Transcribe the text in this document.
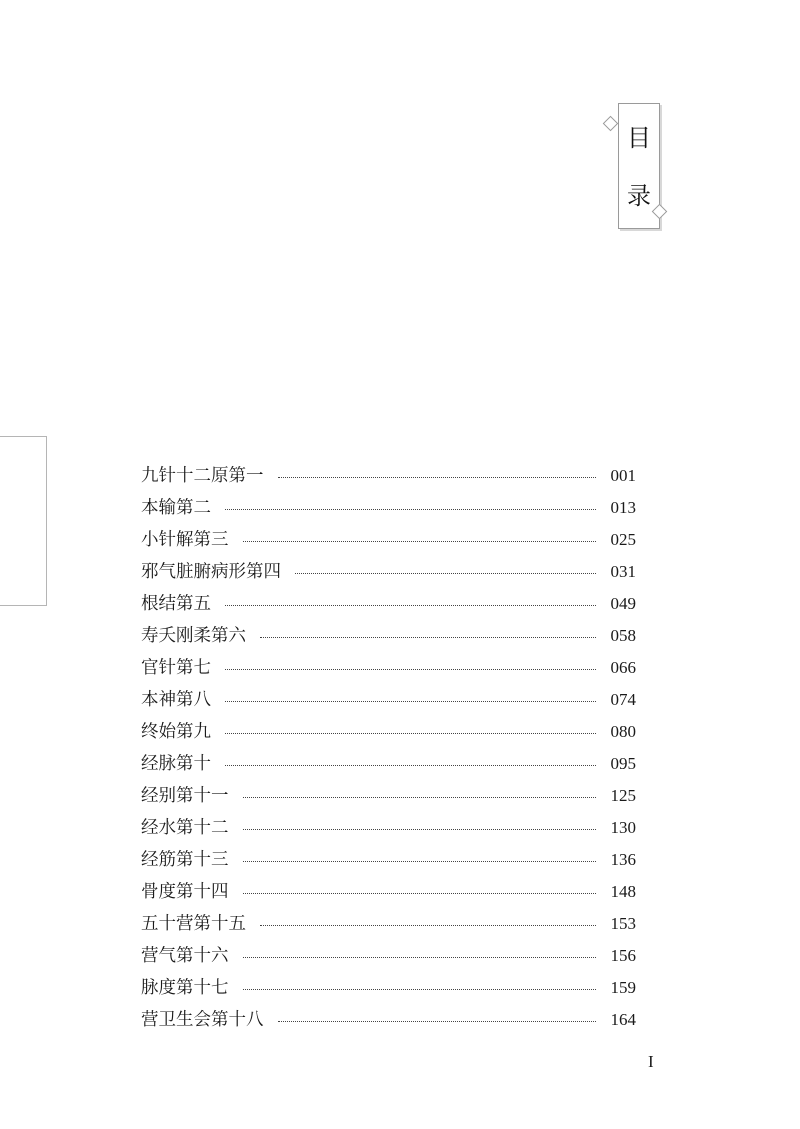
目
录
九针十二原第一	001
本输第二	013
小针解第三	025
邪气脏腑病形第四	031
根结第五	049
寿夭刚柔第六	058
官针第七	066
本神第八	074
终始第九	080
经脉第十	095
经别第十一	125
经水第十二	130
经筋第十三	136
骨度第十四	148
五十营第十五	153
营气第十六	156
脉度第十七	159
营卫生会第十八	164
I
